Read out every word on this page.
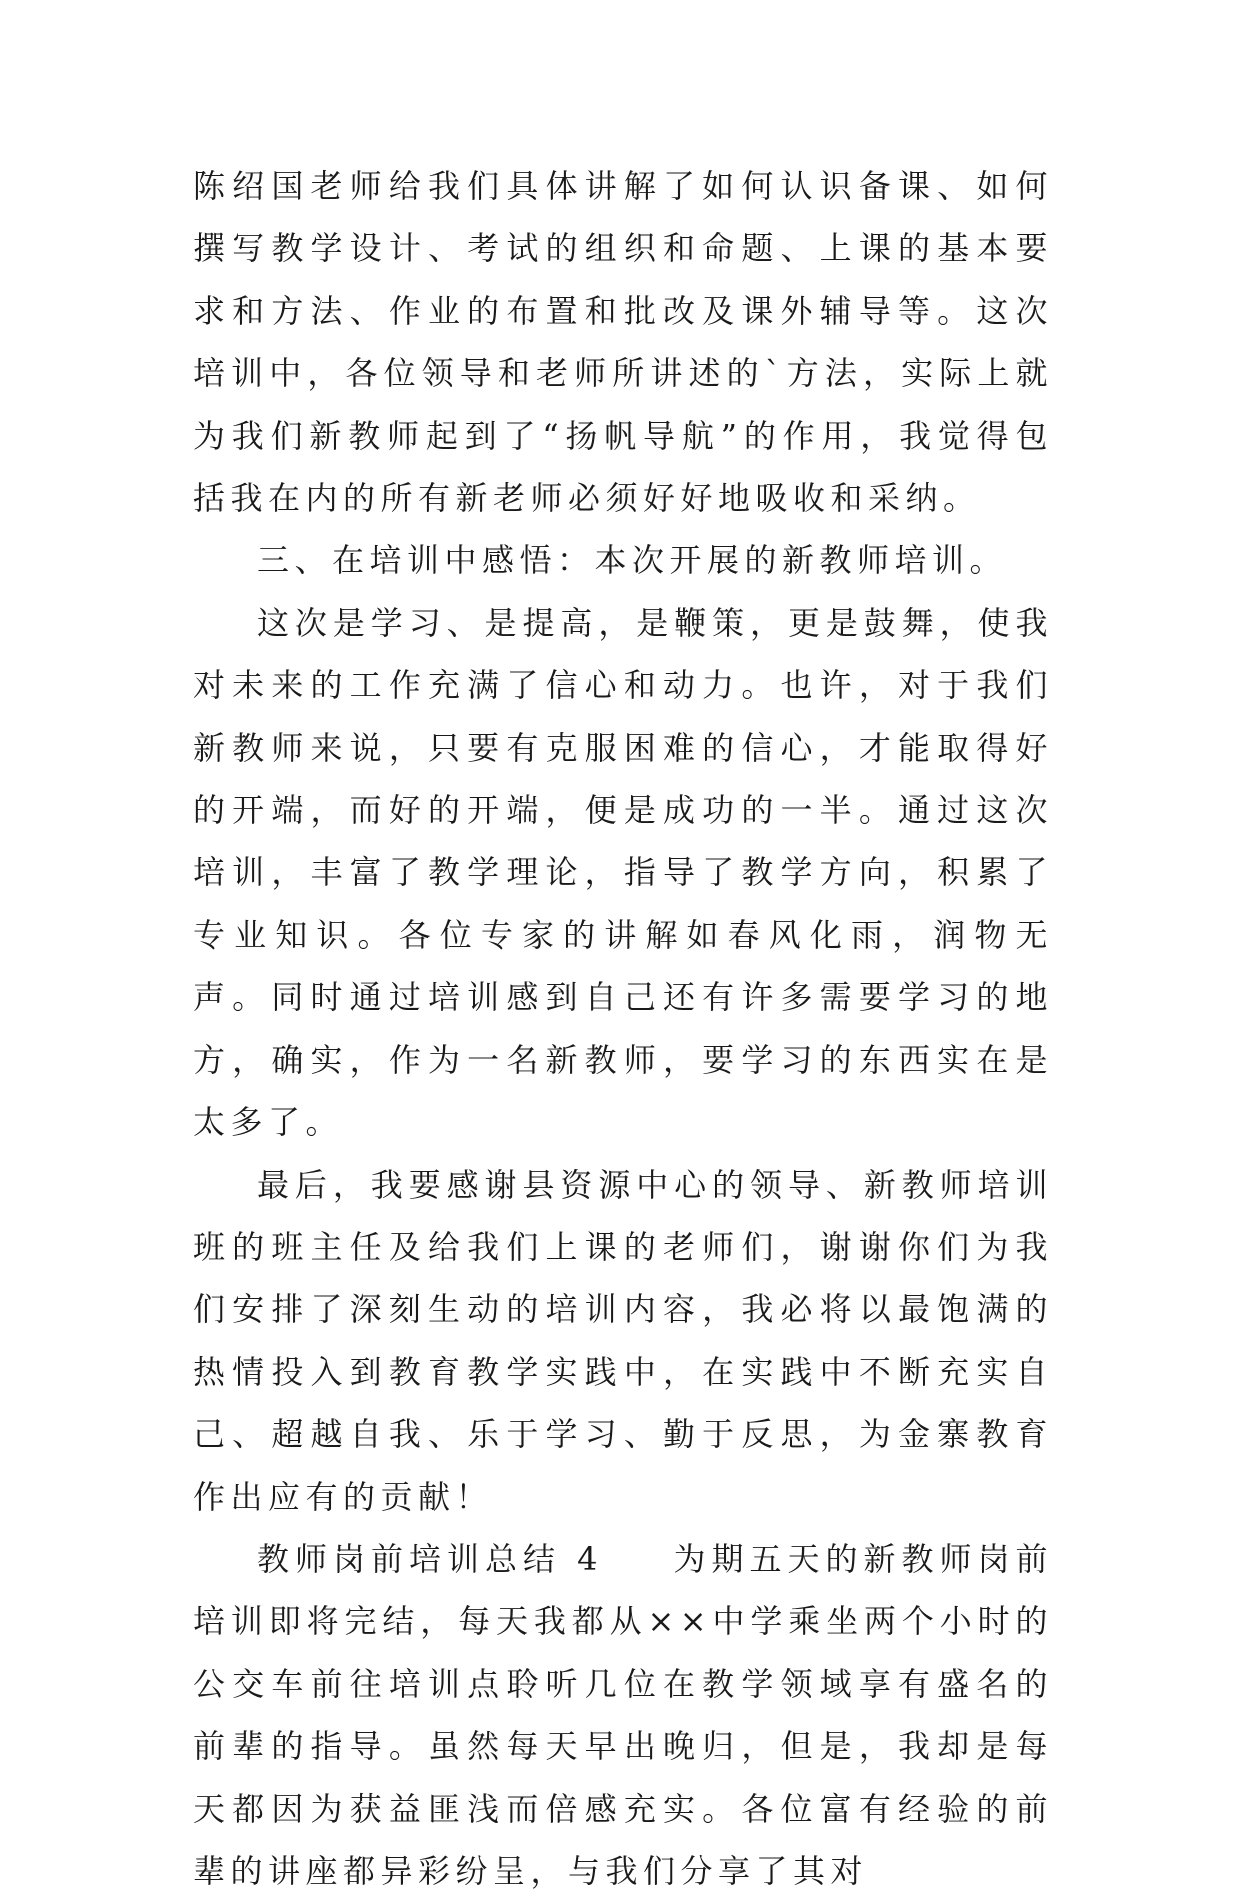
陈绍国老师给我们具体讲解了如何认识备课、如何撰写教学设计、考试的组织和命题、上课的基本要求和方法、作业的布置和批改及课外辅导等。这次培训中，各位领导和老师所讲述的`方法，实际上就为我们新教师起到了“扬帆导航”的作用，我觉得包括我在内的所有新老师必须好好地吸收和采纳。

三、在培训中感悟：本次开展的新教师培训。

这次是学习、是提高，是鞭策，更是鼓舞，使我对未来的工作充满了信心和动力。也许，对于我们新教师来说，只要有克服困难的信心，才能取得好的开端，而好的开端，便是成功的一半。通过这次培训，丰富了教学理论，指导了教学方向，积累了专业知识。各位专家的讲解如春风化雨，润物无声。同时通过培训感到自己还有许多需要学习的地方，确实，作为一名新教师，要学习的东西实在是太多了。

最后，我要感谢县资源中心的领导、新教师培训班的班主任及给我们上课的老师们，谢谢你们为我们安排了深刻生动的培训内容，我必将以最饱满的热情投入到教育教学实践中，在实践中不断充实自己、超越自我、乐于学习、勤于反思，为金寨教育作出应有的贡献！

教师岗前培训总结 4 为期五天的新教师岗前培训即将完结，每天我都从××中学乘坐两个小时的公交车前往培训点聆听几位在教学领域享有盛名的前辈的指导。虽然每天早出晚归，但是，我却是每天都因为获益匪浅而倍感充实。各位富有经验的前辈的讲座都异彩纷呈，与我们分享了其对
